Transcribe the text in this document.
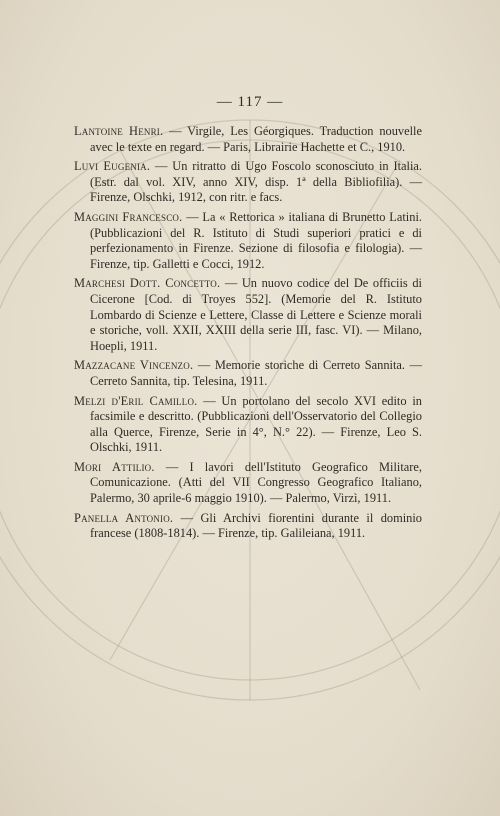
— 117 —
Lantoine Henri. — Virgile, Les Géorgiques. Traduction nouvelle avec le texte en regard. — Paris, Librairie Hachette et C., 1910.
Luvi Eugenia. — Un ritratto di Ugo Foscolo sconosciuto in Italia. (Estr. dal vol. XIV, anno XIV, disp. 1ª della Bibliofilia). — Firenze, Olschki, 1912, con ritr. e facs.
Maggini Francesco. — La « Rettorica » italiana di Brunetto Latini. (Pubblicazioni del R. Istituto di Studi superiori pratici e di perfezionamento in Firenze. Sezione di filosofia e filologia). — Firenze, tip. Galletti e Cocci, 1912.
Marchesi Dott. Concetto. — Un nuovo codice del De officiis di Cicerone [Cod. di Troyes 552]. (Memorie del R. Istituto Lombardo di Scienze e Lettere, Classe di Lettere e Scienze morali e storiche, voll. XXII, XXIII della serie III, fasc. VI). — Milano, Hoepli, 1911.
Mazzacane Vincenzo. — Memorie storiche di Cerreto Sannita. — Cerreto Sannita, tip. Telesina, 1911.
Melzi d'Eril Camillo. — Un portolano del secolo XVI edito in facsimile e descritto. (Pubblicazioni dell'Osservatorio del Collegio alla Querce, Firenze, Serie in 4°, N.° 22). — Firenze, Leo S. Olschki, 1911.
Mori Attilio. — I lavori dell'Istituto Geografico Militare, Comunicazione. (Atti del VII Congresso Geografico Italiano, Palermo, 30 aprile-6 maggio 1910). — Palermo, Virzì, 1911.
Panella Antonio. — Gli Archivi fiorentini durante il dominio francese (1808-1814). — Firenze, tip. Galileiana, 1911.
